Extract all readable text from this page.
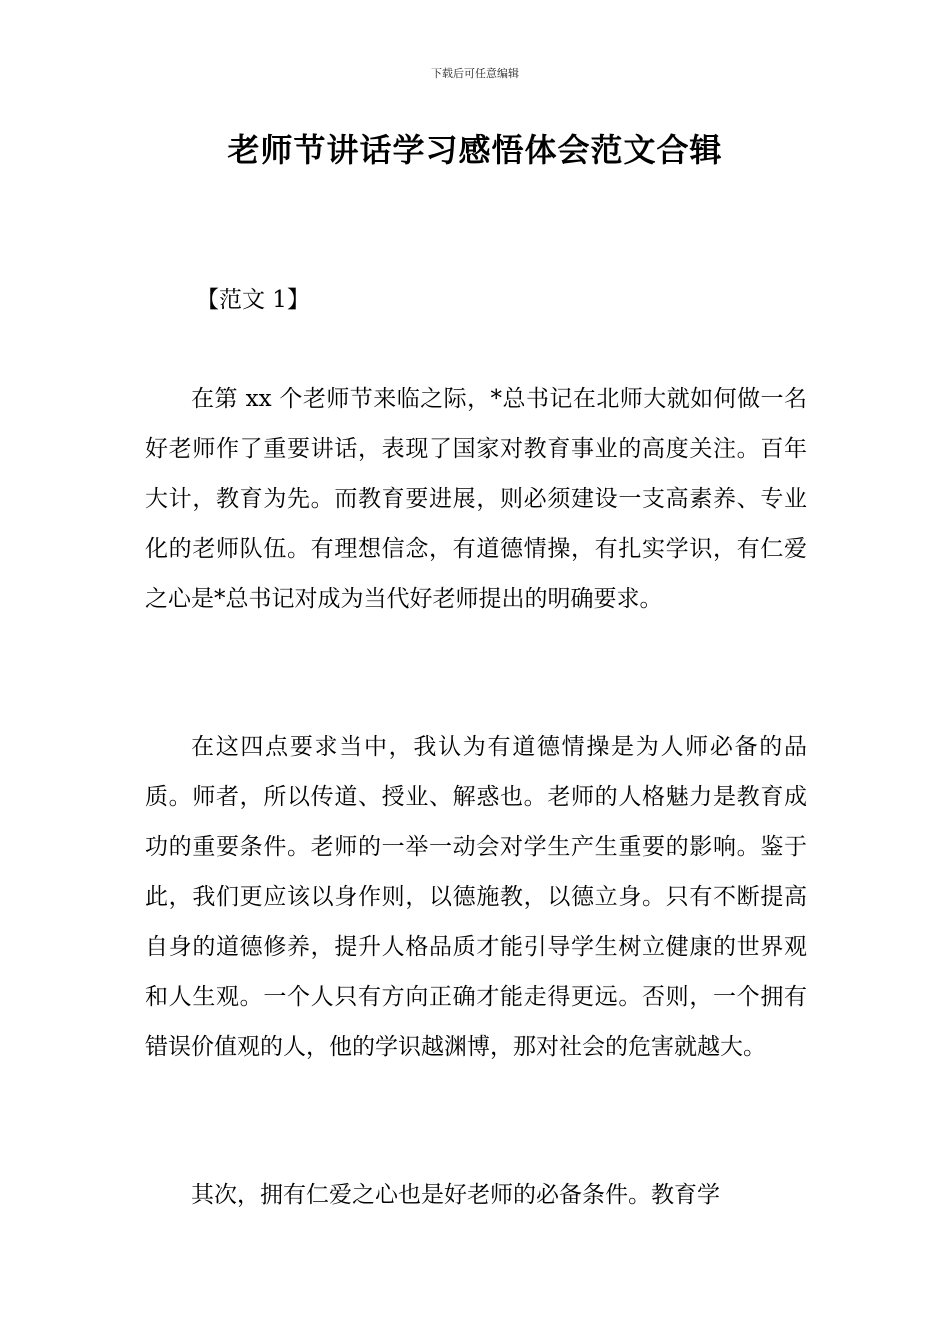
下载后可任意编辑
老师节讲话学习感悟体会范文合辑
【范文 1】

在第 xx 个老师节来临之际，*总书记在北师大就如何做一名好老师作了重要讲话，表现了国家对教育事业的高度关注。百年大计，教育为先。而教育要进展，则必须建设一支高素养、专业化的老师队伍。有理想信念，有道德情操，有扎实学识，有仁爱之心是*总书记对成为当代好老师提出的明确要求。

在这四点要求当中，我认为有道德情操是为人师必备的品质。师者，所以传道、授业、解惑也。老师的人格魅力是教育成功的重要条件。老师的一举一动会对学生产生重要的影响。鉴于此，我们更应该以身作则，以德施教，以德立身。只有不断提高自身的道德修养，提升人格品质才能引导学生树立健康的世界观和人生观。一个人只有方向正确才能走得更远。否则，一个拥有错误价值观的人，他的学识越渊博，那对社会的危害就越大。

其次，拥有仁爱之心也是好老师的必备条件。教育学
